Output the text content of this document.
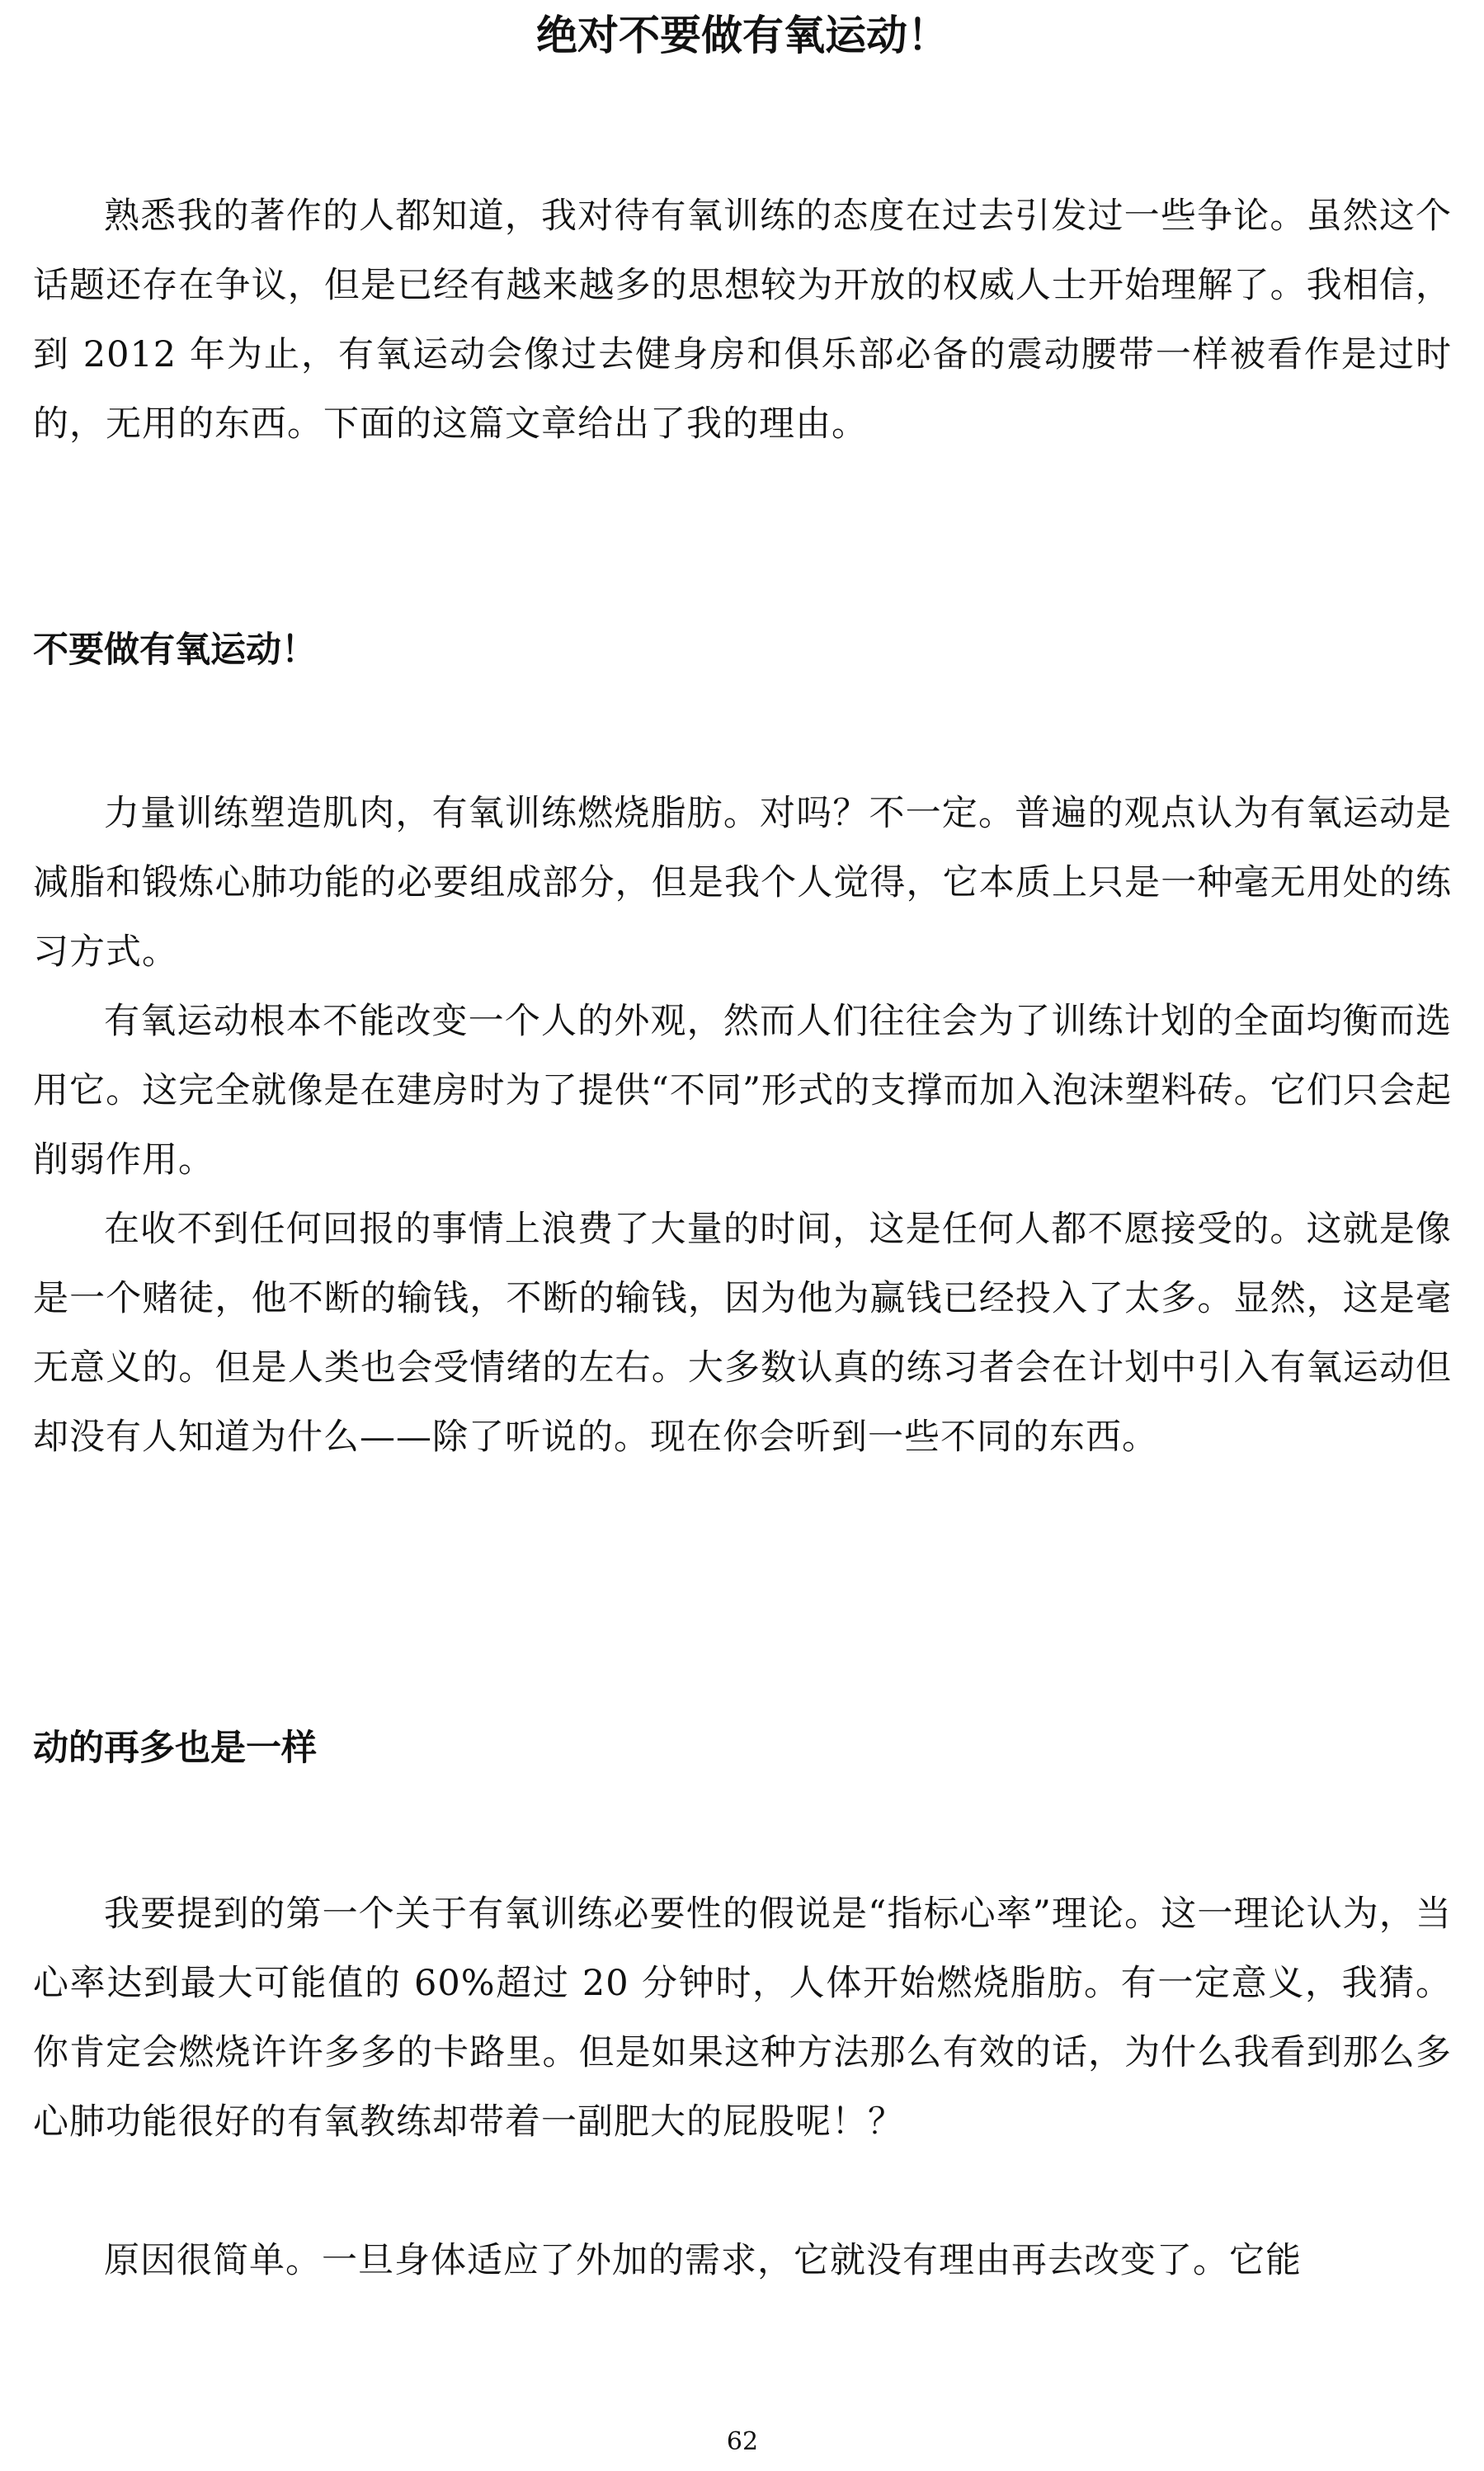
绝对不要做有氧运动！

熟悉我的著作的人都知道，我对待有氧训练的态度在过去引发过一些争论。虽然这个话题还存在争议，但是已经有越来越多的思想较为开放的权威人士开始理解了。我相信，到 2012 年为止，有氧运动会像过去健身房和俱乐部必备的震动腰带一样被看作是过时的，无用的东西。下面的这篇文章给出了我的理由。

不要做有氧运动！

力量训练塑造肌肉，有氧训练燃烧脂肪。对吗？不一定。普遍的观点认为有氧运动是减脂和锻炼心肺功能的必要组成部分，但是我个人觉得，它本质上只是一种毫无用处的练习方式。

有氧运动根本不能改变一个人的外观，然而人们往往会为了训练计划的全面均衡而选用它。这完全就像是在建房时为了提供“不同”形式的支撑而加入泡沫塑料砖。它们只会起削弱作用。

在收不到任何回报的事情上浪费了大量的时间，这是任何人都不愿接受的。这就是像是一个赌徒，他不断的输钱，不断的输钱，因为他为赢钱已经投入了太多。显然，这是毫无意义的。但是人类也会受情绪的左右。大多数认真的练习者会在计划中引入有氧运动但却没有人知道为什么——除了听说的。现在你会听到一些不同的东西。

动的再多也是一样

我要提到的第一个关于有氧训练必要性的假说是“指标心率”理论。这一理论认为，当心率达到最大可能值的 60%超过 20 分钟时，人体开始燃烧脂肪。有一定意义，我猜。你肯定会燃烧许许多多的卡路里。但是如果这种方法那么有效的话，为什么我看到那么多心肺功能很好的有氧教练却带着一副肥大的屁股呢！？

原因很简单。一旦身体适应了外加的需求，它就没有理由再去改变了。它能

62
